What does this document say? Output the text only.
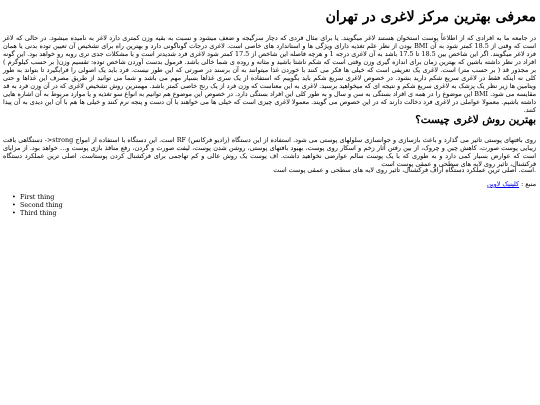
معرفی بهترین مرکز لاغری در تهران

در جامعه ما به افرادی که از اطلاعاً پوست استخوان هستند لاغر میگویند. یا برای مثال فردی که دچار سرگیجه و ضعف میشود و نسبت به بقیه وزن کمتری دارد لاغر به نامیده میشود. در حالی که لاغر است که وقتی از 18.5 کمتر شود به آن BMI بودن از نظر علم تغذیه دارای ویژگی ها و استاندارد های خاصی است. لاغری درجات گوناگونی دارد و بهترین راه برای تشخیص آن تعیین توده بدنی یا همان فرد لاغر میگویند. اگر این شاخص بین 18.5 تا 17.5 باشد به آن لاغری درجه 1 و هرچه فاصله این شاخص از 17.5 کمتر شود لاغری فرد شدیدتر است و با مشکلات جدی تری روبه رو خواهد بود. این گونه افراد در نظر داشته باشین که بهترین زمان برای اندازه گیری وزن وقتی است که شکم ناشتا باشید و مثانه و روده ی شما خالی باشد. فرمول بدست آوردن شاخص توده: تقسیم وزن( بر حسب کیلوگرم ) بر مجذور قد ( بر حسب متر) است. لاغری یک تعریفی است که خیلی ها فکر می کنند با خوردن غذا میتوانند به آن برسند در صورتی که این طور نیست. فرد باید یک اصولی را فرابگیرد تا بتواند به طور کلی نه اینکه فقط در لاغری سریع شکم دارید بشود. در خصوص لاغری سریع شکم باید بگوییم که استفاده از یک سری غذاها بسیار مهم می باشد و شما می توانید از طریق مصرف این غذاها و حتی ویتامین ها زیر نظر یک پزشک به لاغری سریع شکم و نتیجه ای که میخواهید برسید. لاغری به این معناست که وزن فرد از یک رنج خاصی کمتر باشد. مهمترین روش تشخیص لاغری که در آن وزن فرد به قد مقایسه می شود. BMI این موضوع را در همه ی افراد بستگی به سن و سال و به طور کلی این افراد بستگی دارد. در خصوص این موضوع هم توانیم به انواع سو تغذیه و یا موارد مربوط به آن اشاره هایی داشته باشیم. معمولا عواملی در لاغری فرد دخالت دارند که در این خصوص می گویند. معمولا لاغری چیزی است که خیلی ها می خواهند با آن دست و پنجه نرم کنند و خیلی ها هم با آن این دیدی به آن پیدا کنند.

بهترین روش لاغری چیست؟

روی بافتهای پوستی تاثیر می گذارد و باعث بازسازی و جوانسازی سلولهای پوستی می شود. استفاده از این دستگاه (رادیو فرکانس) RF است. این دستگاه با استفاده از امواج strong<- دستگاهی بافت زیبایی پوست صورت، کاهش چین و چروک، از بین رفتن آثار زخم و اسکار روی پوست، بهبود بافتهای پوستی، روشن شدن پوست، لیفت صورت و گردن، رفع منافذ بازی پوست و... خواهد بود. از مزایای است که عوارض بسیار کمی دارد و به طوری که با یک پوست سالم عوارضی نخواهید داشت. اف پوست یک روش عالی و کم تهاجمی برای فرکشنال کردن پوستاست. اصلی ترین عملکرد دستگاه فرکشنال، تاثیر روی لایه های سطحی و عمقی پوست است

.است. اصلی ترین عملکرد دستگاه آراف فرکشنال، تاثیر روی لایه های سطحی و عمقی پوست است

منبع : کلینیک لاوین

• First thing
• Second thing
• Third thing
